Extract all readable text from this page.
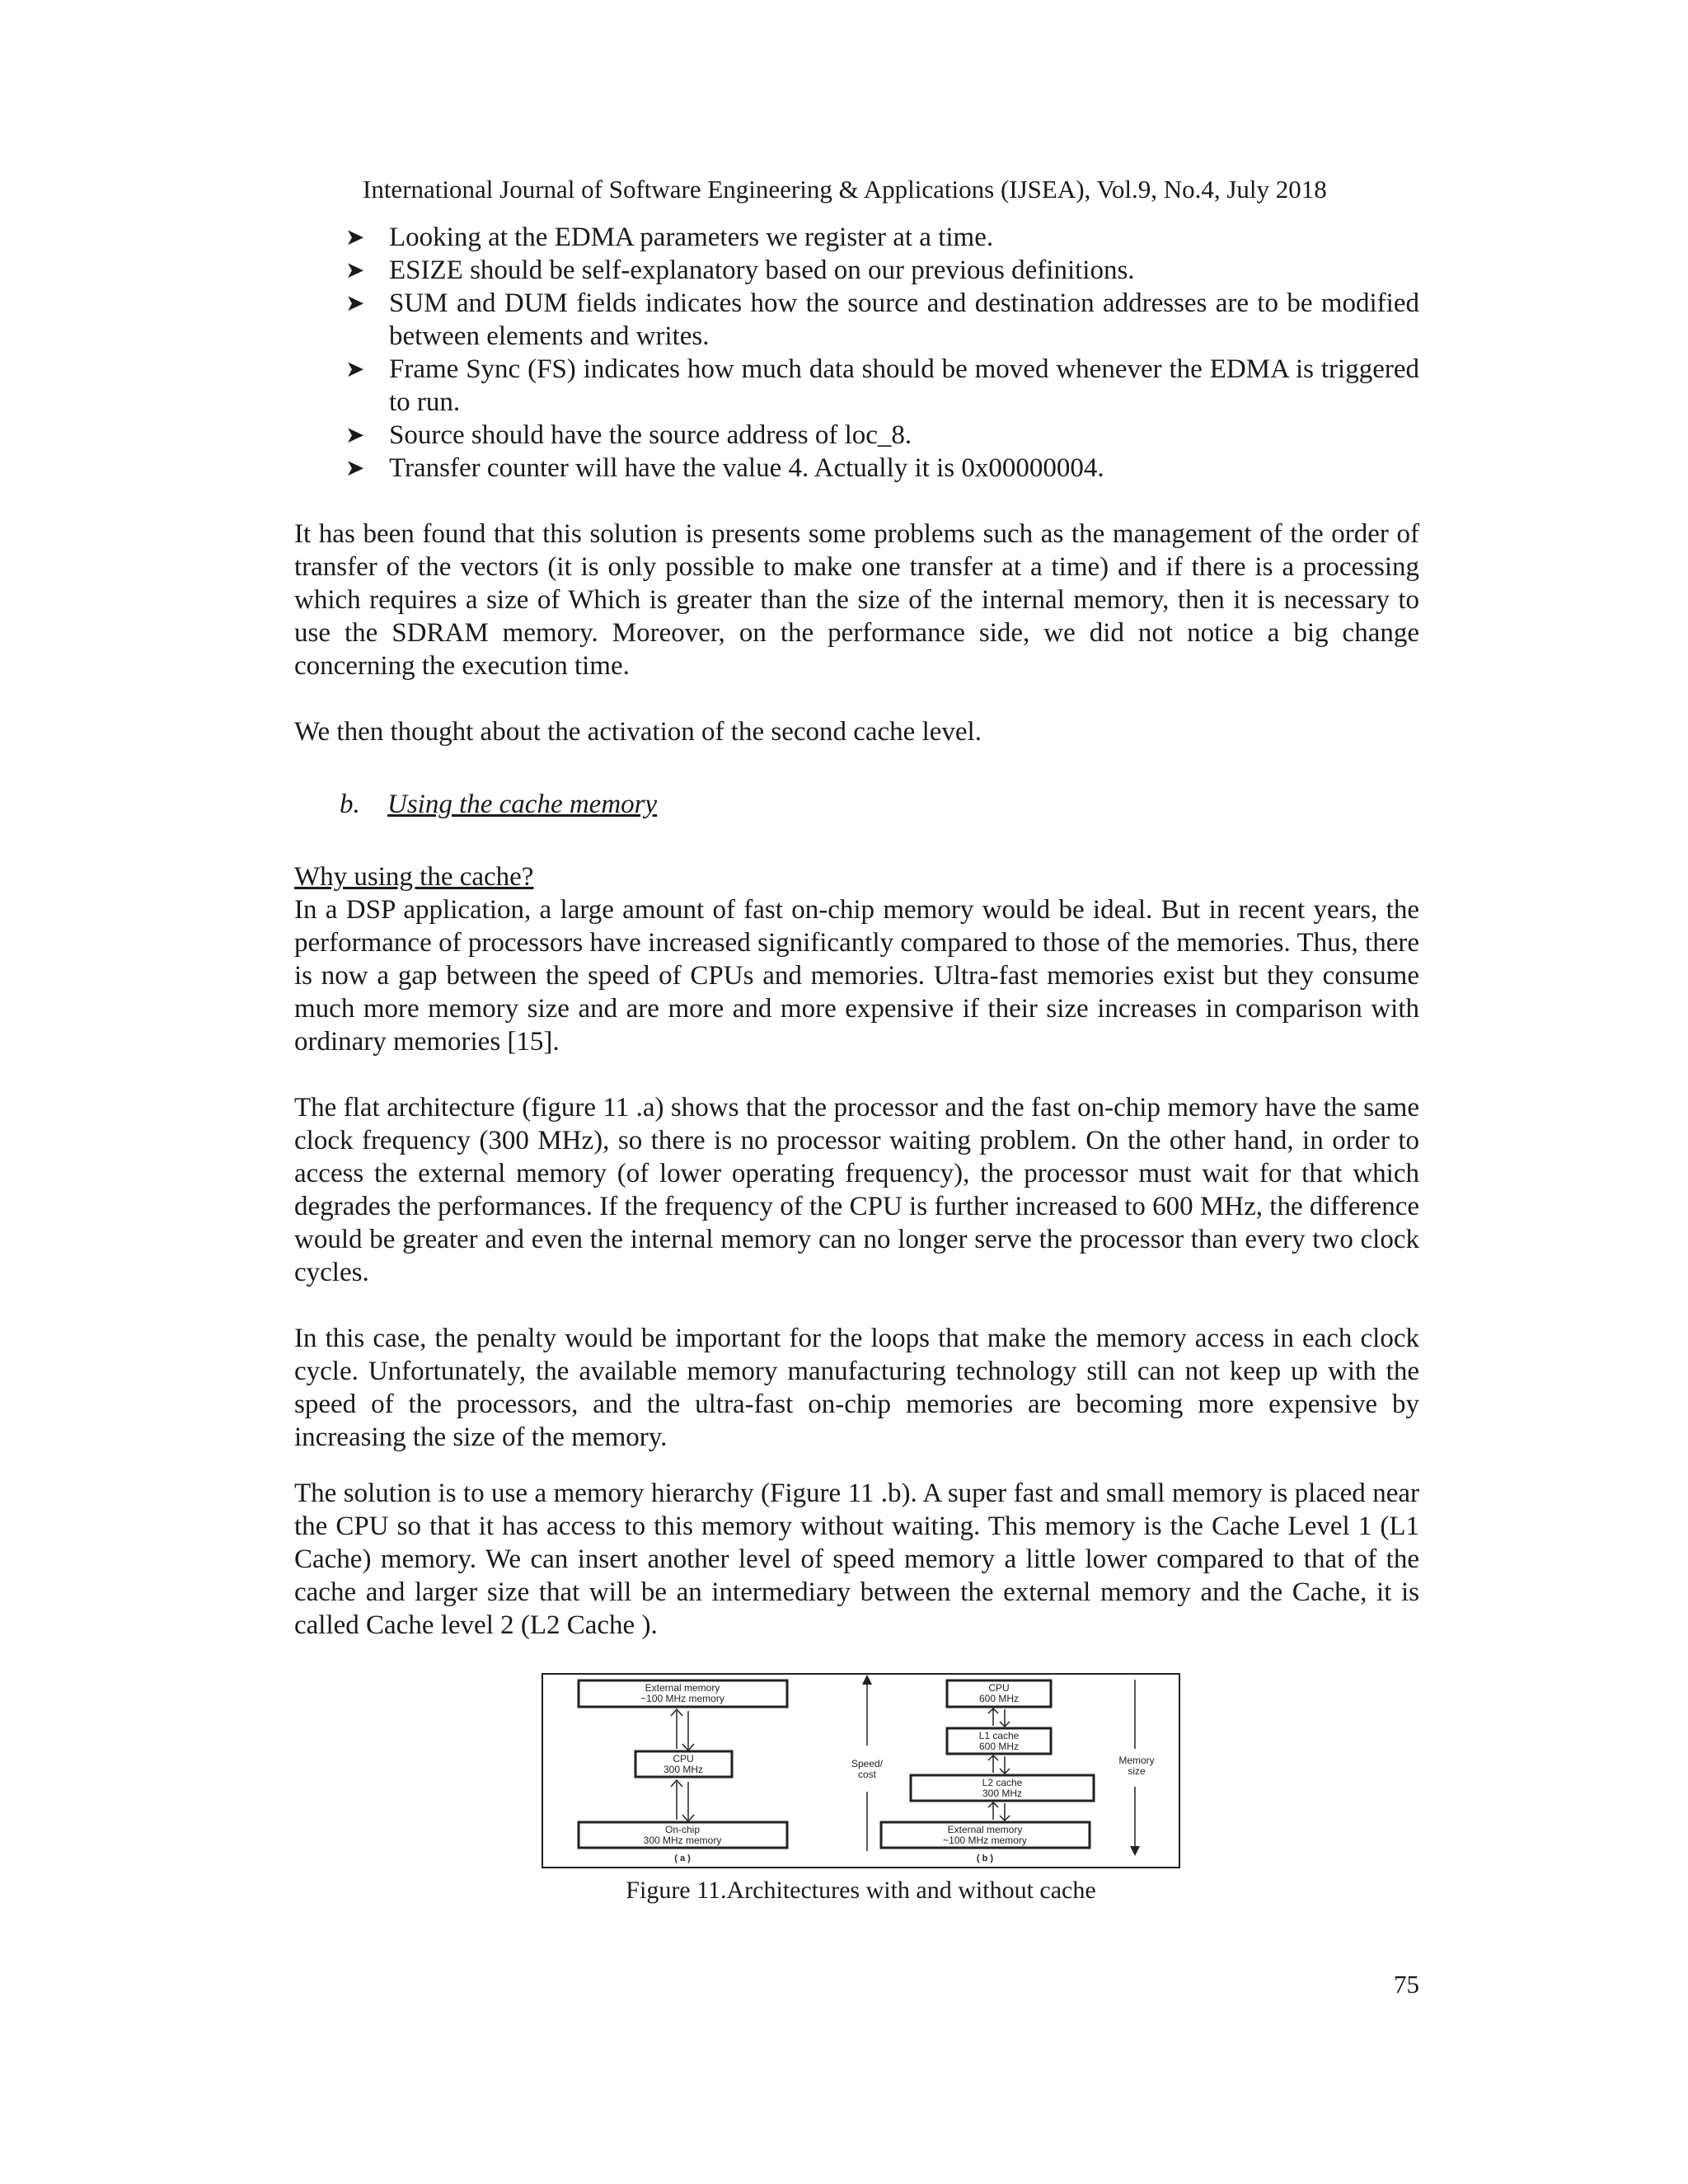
International Journal of Software Engineering & Applications (IJSEA), Vol.9, No.4, July 2018
➤ Looking at the EDMA parameters we register at a time.
➤ ESIZE should be self-explanatory based on our previous definitions.
➤ SUM and DUM fields indicates how the source and destination addresses are to be modified between elements and writes.
➤ Frame Sync (FS) indicates how much data should be moved whenever the EDMA is triggered to run.
➤ Source should have the source address of loc_8.
➤ Transfer counter will have the value 4. Actually it is 0x00000004.

It has been found that this solution is presents some problems such as the management of the order of transfer of the vectors (it is only possible to make one transfer at a time) and if there is a processing which requires a size of Which is greater than the size of the internal memory, then it is necessary to use the SDRAM memory. Moreover, on the performance side, we did not notice a big change concerning the execution time.

We then thought about the activation of the second cache level.

b. Using the cache memory
Why using the cache?

In a DSP application, a large amount of fast on-chip memory would be ideal. But in recent years, the performance of processors have increased significantly compared to those of the memories. Thus, there is now a gap between the speed of CPUs and memories. Ultra-fast memories exist but they consume much more memory size and are more and more expensive if their size increases in comparison with ordinary memories [15].

The flat architecture (figure 11 .a) shows that the processor and the fast on-chip memory have the same clock frequency (300 MHz), so there is no processor waiting problem. On the other hand, in order to access the external memory (of lower operating frequency), the processor must wait for that which degrades the performances. If the frequency of the CPU is further increased to 600 MHz, the difference would be greater and even the internal memory can no longer serve the processor than every two clock cycles.

In this case, the penalty would be important for the loops that make the memory access in each clock cycle. Unfortunately, the available memory manufacturing technology still can not keep up with the speed of the processors, and the ultra-fast on-chip memories are becoming more expensive by increasing the size of the memory.

The solution is to use a memory hierarchy (Figure 11 .b). A super fast and small memory is placed near the CPU so that it has access to this memory without waiting. This memory is the Cache Level 1 (L1 Cache) memory. We can insert another level of speed memory a little lower compared to that of the cache and larger size that will be an intermediary between the external memory and the Cache, it is called Cache level 2 (L2 Cache ).

External memory
~100 MHz memory
CPU
300 MHz
On-chip
300 MHz memory
( a )
Speed/
cost
CPU
600 MHz
L1 cache
600 MHz
L2 cache
300 MHz
External memory
~100 MHz memory
( b )
Memory
size
Figure 11.Architectures with and without cache
75
